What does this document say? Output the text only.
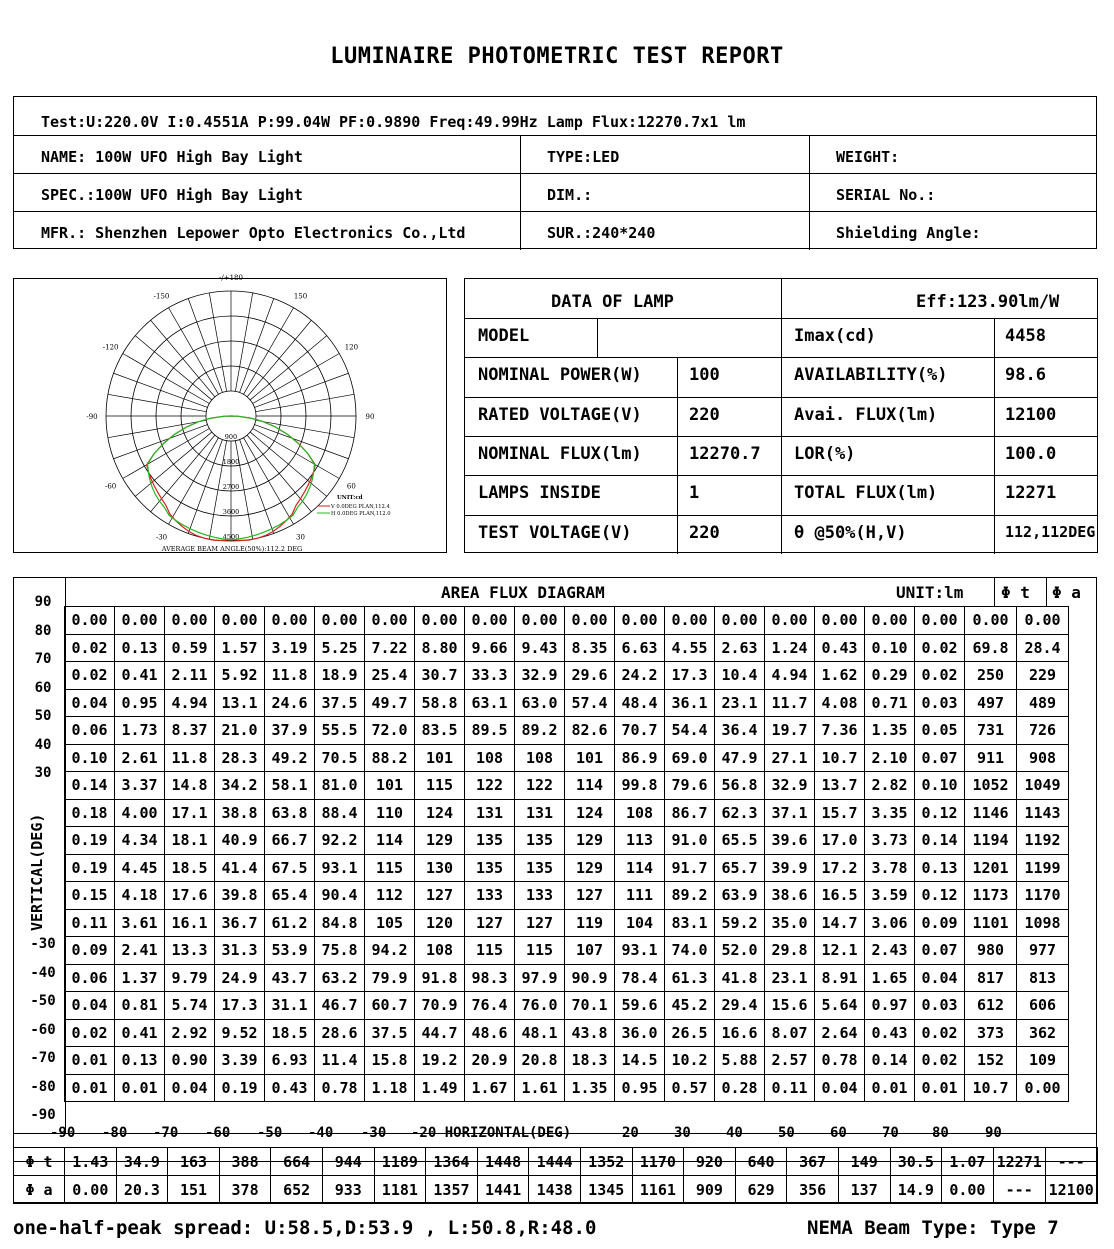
LUMINAIRE PHOTOMETRIC TEST REPORT
Test:U:220.0V I:0.4551A P:99.04W PF:0.9890 Freq:49.99Hz Lamp Flux:12270.7x1 lm
NAME: 100W UFO High Bay Light	TYPE:LED	WEIGHT:
SPEC.:100W UFO High Bay Light	DIM.:	SERIAL No.:
MFR.: Shenzhen Lepower Opto Electronics Co.,Ltd	SUR.:240*240	Shielding Angle:
-/+180
-150	150
-120	120
-90	90
-60	60
-30	30
900
1800
2700
3600
4500
UNIT:cd
V 0.0DEG PLAN,112.4
H 0.0DEG PLAN,112.0
AVERAGE BEAM ANGLE(50%):112.2 DEG
DATA OF LAMP	Eff:123.90lm/W
MODEL	Imax(cd)	4458
NOMINAL POWER(W)	100	AVAILABILITY(%)	98.6
RATED VOLTAGE(V)	220	Avai. FLUX(lm)	12100
NOMINAL FLUX(lm)	12270.7 LOR(%)	100.0
LAMPS INSIDE	1	TOTAL FLUX(lm)	12271
TEST VOLTAGE(V)	220	θ @50%(H,V)	112,112DEG
AREA FLUX DIAGRAM	UNIT:lm Φ t Φ a
VERTICAL(DEG)
90
80
70
60
50
40
30
-30
-40
-50
-60
-70
-80
-90
0.00	0.00	0.00	0.00	0.00	0.00	0.00	0.00	0.00	0.00	0.00	0.00	0.00	0.00	0.00	0.00	0.00	0.00	0.00	0.00
0.02	0.13	0.59	1.57	3.19	5.25	7.22	8.80	9.66	9.43	8.35	6.63	4.55	2.63	1.24	0.43	0.10	0.02	69.8	28.4
0.02	0.41	2.11	5.92	11.8	18.9	25.4	30.7	33.3	32.9	29.6	24.2	17.3	10.4	4.94	1.62	0.29	0.02	250	229
0.04	0.95	4.94	13.1	24.6	37.5	49.7	58.8	63.1	63.0	57.4	48.4	36.1	23.1	11.7	4.08	0.71	0.03	497	489
0.06	1.73	8.37	21.0	37.9	55.5	72.0	83.5	89.5	89.2	82.6	70.7	54.4	36.4	19.7	7.36	1.35	0.05	731	726
0.10	2.61	11.8	28.3	49.2	70.5	88.2	101	108	108	101	86.9	69.0	47.9	27.1	10.7	2.10	0.07	911	908
0.14	3.37	14.8	34.2	58.1	81.0	101	115	122	122	114	99.8	79.6	56.8	32.9	13.7	2.82	0.10	1052	1049
0.18	4.00	17.1	38.8	63.8	88.4	110	124	131	131	124	108	86.7	62.3	37.1	15.7	3.35	0.12	1146	1143
0.19	4.34	18.1	40.9	66.7	92.2	114	129	135	135	129	113	91.0	65.5	39.6	17.0	3.73	0.14	1194	1192
0.19	4.45	18.5	41.4	67.5	93.1	115	130	135	135	129	114	91.7	65.7	39.9	17.2	3.78	0.13	1201	1199
0.15	4.18	17.6	39.8	65.4	90.4	112	127	133	133	127	111	89.2	63.9	38.6	16.5	3.59	0.12	1173	1170
0.11	3.61	16.1	36.7	61.2	84.8	105	120	127	127	119	104	83.1	59.2	35.0	14.7	3.06	0.09	1101	1098
0.09	2.41	13.3	31.3	53.9	75.8	94.2	108	115	115	107	93.1	74.0	52.0	29.8	12.1	2.43	0.07	980	977
0.06	1.37	9.79	24.9	43.7	63.2	79.9	91.8	98.3	97.9	90.9	78.4	61.3	41.8	23.1	8.91	1.65	0.04	817	813
0.04	0.81	5.74	17.3	31.1	46.7	60.7	70.9	76.4	76.0	70.1	59.6	45.2	29.4	15.6	5.64	0.97	0.03	612	606
0.02	0.41	2.92	9.52	18.5	28.6	37.5	44.7	48.6	48.1	43.8	36.0	26.5	16.6	8.07	2.64	0.43	0.02	373	362
0.01	0.13	0.90	3.39	6.93	11.4	15.8	19.2	20.9	20.8	18.3	14.5	10.2	5.88	2.57	0.78	0.14	0.02	152	109
0.01	0.01	0.04	0.19	0.43	0.78	1.18	1.49	1.67	1.61	1.35	0.95	0.57	0.28	0.11	0.04	0.01	0.01	10.7	0.00
-90 -80 -70 -60 -50 -40 -30 -20 HORIZONTAL(DEG)	20	30	40	50	60	70 80	90
Φ t	1.43	34.9	163	388	664	944	1189	1364	1448	1444	1352	1170	920	640	367	149	30.5	1.07	12271	---
Φ a	0.00	20.3	151	378	652	933	1181	1357	1441	1438	1345	1161	909	629	356	137	14.9	0.00	---	12100
one-half-peak spread: U:58.5,D:53.9 , L:50.8,R:48.0	NEMA Beam Type: Type 7
